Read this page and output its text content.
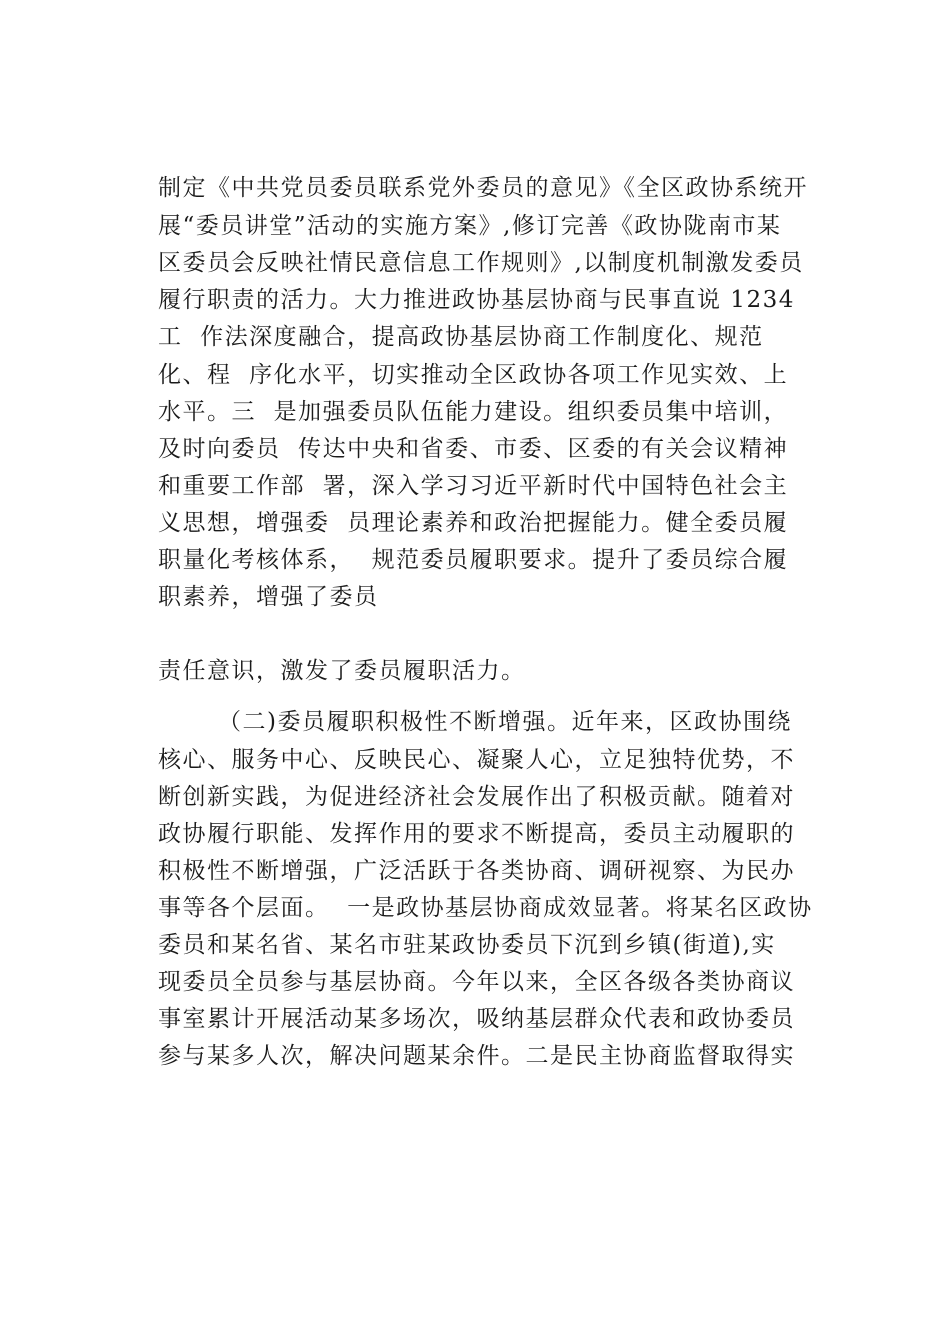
制定《中共党员委员联系党外委员的意见》《全区政协系统开
展“委员讲堂”活动的实施方案》,修订完善《政协陇南市某
区委员会反映社情民意信息工作规则》,以制度机制激发委员
履行职责的活力。大力推进政协基层协商与民事直说 1234
工  作法深度融合，提高政协基层协商工作制度化、规范
化、程  序化水平，切实推动全区政协各项工作见实效、上
水平。三  是加强委员队伍能力建设。组织委员集中培训，
及时向委员  传达中央和省委、市委、区委的有关会议精神
和重要工作部  署，深入学习习近平新时代中国特色社会主
义思想，增强委  员理论素养和政治把握能力。健全委员履
职量化考核体系，  规范委员履职要求。提升了委员综合履
职素养，增强了委员
责任意识，激发了委员履职活力。
（二)委员履职积极性不断增强。近年来，区政协围绕
核心、服务中心、反映民心、凝聚人心，立足独特优势，不
断创新实践，为促进经济社会发展作出了积极贡献。随着对
政协履行职能、发挥作用的要求不断提高，委员主动履职的
积极性不断增强，广泛活跃于各类协商、调研视察、为民办
事等各个层面。  一是政协基层协商成效显著。将某名区政协
委员和某名省、某名市驻某政协委员下沉到乡镇(街道),实
现委员全员参与基层协商。今年以来，全区各级各类协商议
事室累计开展活动某多场次，吸纳基层群众代表和政协委员
参与某多人次，解决问题某余件。二是民主协商监督取得实
